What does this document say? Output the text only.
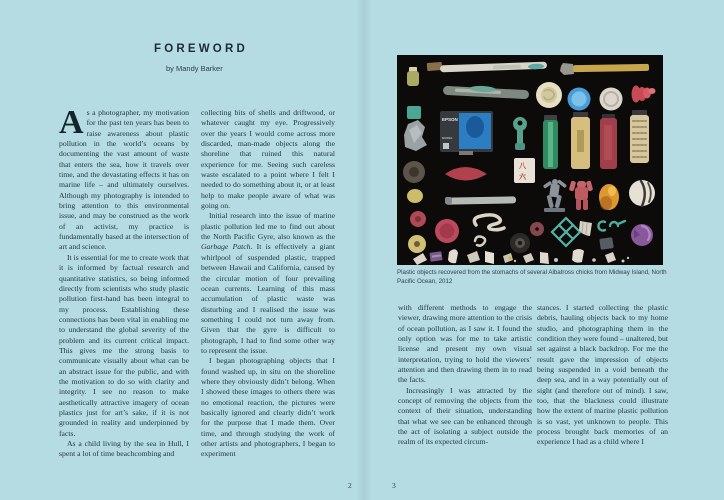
FOREWORD
by Mandy Barker

As a photographer, my motivation for the past ten years has been to raise awareness about plastic pollution in the world’s oceans by documenting the vast amount of waste that enters the sea, how it travels over time, and the devastating effects it has on marine life – and ultimately ourselves. Although my photography is intended to bring attention to this environmental issue, and may be construed as the work of an activist, my practice is fundamentally based at the intersection of art and science.

It is essential for me to create work that it is informed by factual research and quantitative statistics, so being informed directly from scientists who study plastic pollution first-hand has been integral to my process. Establishing these connections has been vital in enabling me to understand the global severity of the problem and its current critical impact. This gives me the strong basis to communicate visually about what can be an abstract issue for the public, and with the motivation to do so with clarity and integrity. I see no reason to make aesthetically attractive imagery of ocean plastics just for art’s sake, if it is not grounded in reality and underpinned by facts.

As a child living by the sea in Hull, I spent a lot of time beachcombing and

collecting bits of shells and driftwood, or whatever caught my eye. Progressively over the years I would come across more discarded, man-made objects along the shoreline that ruined this natural experience for me. Seeing such careless waste escalated to a point where I felt I needed to do something about it, or at least help to make people aware of what was going on.

Initial research into the issue of marine plastic pollution led me to find out about the North Pacific Gyre, also known as the Garbage Patch. It is effectively a giant whirlpool of suspended plastic, trapped between Hawaii and California, caused by the circular motion of four prevailing ocean currents. Learning of this mass accumulation of plastic waste was disturbing and I realised the issue was something I could not turn away from. Given that the gyre is difficult to photograph, I had to find some other way to represent the issue.

I began photographing objects that I found washed up, in situ on the shoreline where they obviously didn’t belong. When I showed these images to others there was no emotional reaction, the pictures were basically ignored and clearly didn’t work for the purpose that I made them. Over time, and through studying the work of other artists and photographers, I began to experiment

2
EPSON
MODEL
八
六
Plastic objects recovered from the stomachs of several Albatross chicks from Midway Island, North Pacific Ocean, 2012

with different methods to engage the viewer, drawing more attention to the crisis of ocean pollution, as I saw it. I found the only option was for me to take artistic license and present my own visual interpretation, trying to hold the viewers’ attention and then drawing them in to read the facts.

Increasingly I was attracted by the concept of removing the objects from the context of their situation, understanding that what we see can be enhanced through the act of isolating a subject outside the realm of its expected circum-

stances. I started collecting the plastic debris, hauling objects back to my home studio, and photographing them in the condition they were found – unaltered, but set against a black backdrop. For me the result gave the impression of objects being suspended in a void beneath the deep sea, and in a way potentially out of sight (and therefore out of mind). I saw, too, that the blackness could illustrate how the extent of marine plastic pollution is so vast, yet unknown to people. This process brought back memories of an experience I had as a child where I

3
